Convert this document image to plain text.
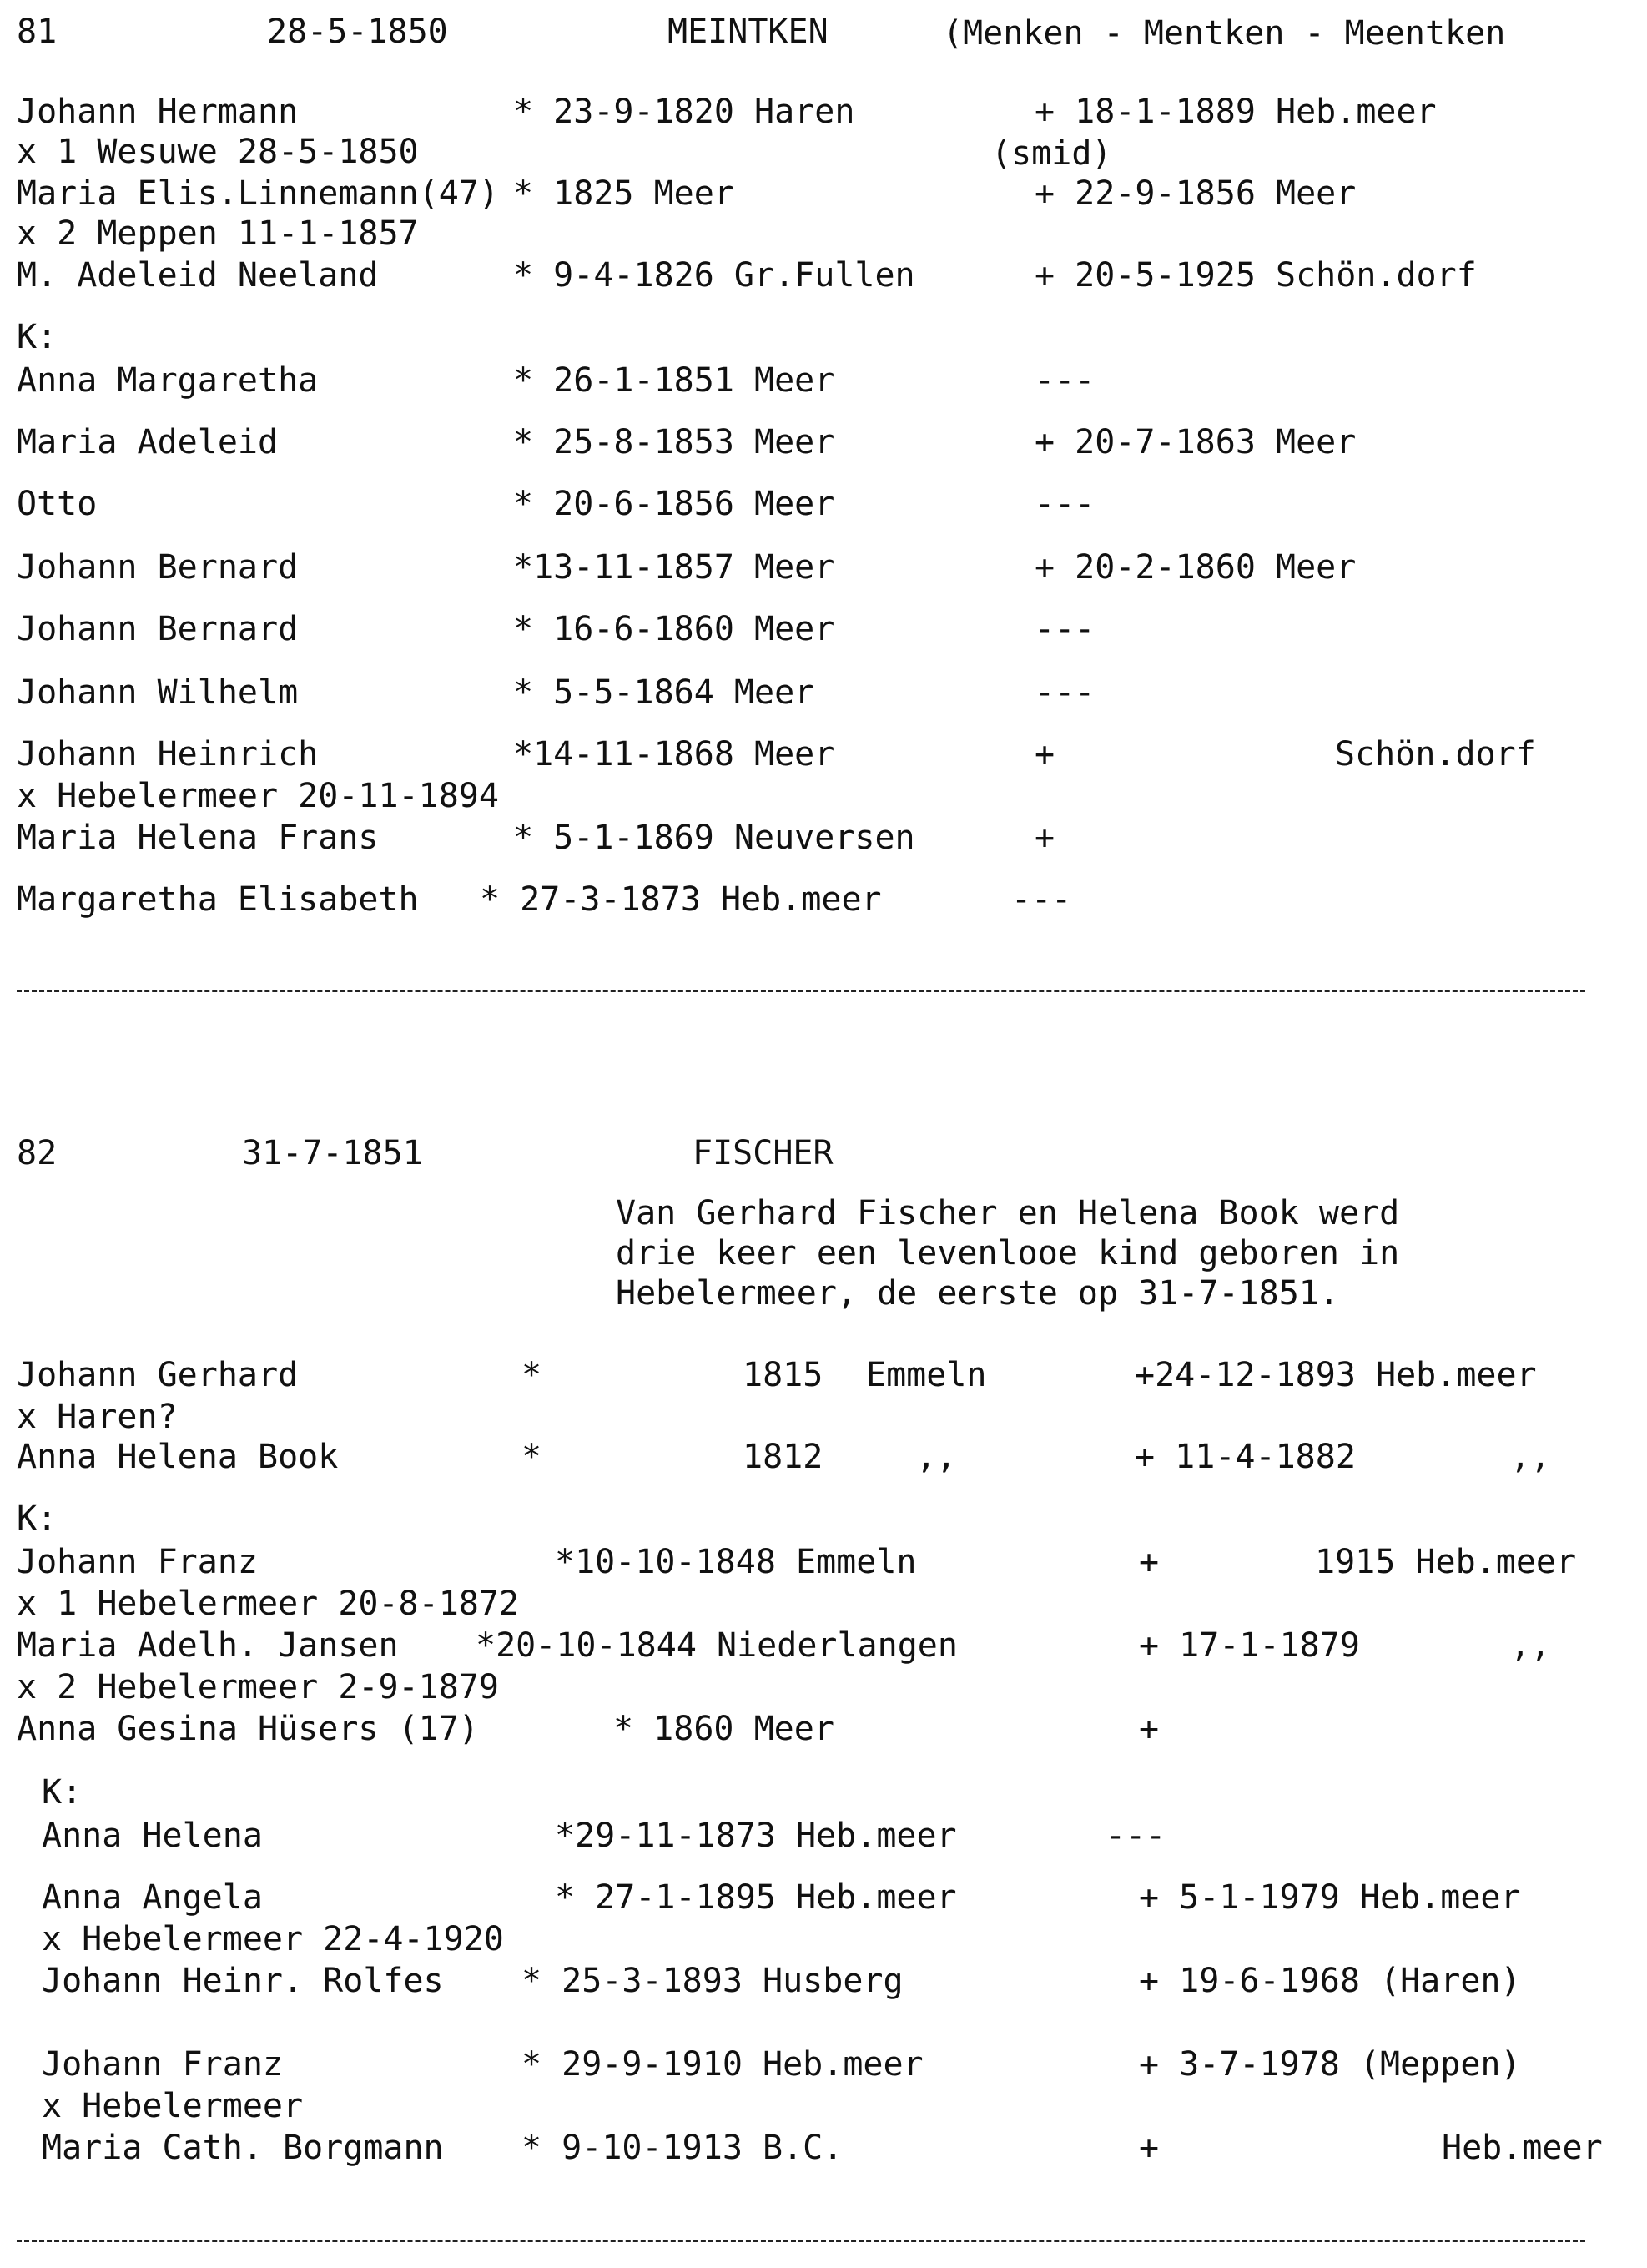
81	28-5-1850	MEINTKEN	(Menken - Mentken - Meentken
Johann Hermann	* 23-9-1820 Haren	+ 18-1-1889 Heb.meer
x 1 Wesuwe 28-5-1850	(smid)
Maria Elis.Linnemann(47) * 1825 Meer	+ 22-9-1856 Meer
x 2 Meppen 11-1-1857
M. Adeleid Neeland	* 9-4-1826 Gr.Fullen	+ 20-5-1925 Schön.dorf
K:
Anna Margaretha	* 26-1-1851 Meer	---
Maria Adeleid	* 25-8-1853 Meer	+ 20-7-1863 Meer
Otto	* 20-6-1856 Meer	---
Johann Bernard	*13-11-1857 Meer	+ 20-2-1860 Meer
Johann Bernard	* 16-6-1860 Meer	---
Johann Wilhelm	* 5-5-1864 Meer	---
Johann Heinrich	*14-11-1868 Meer	+	Schön.dorf
x Hebelermeer 20-11-1894
Maria Helena Frans	* 5-1-1869 Neuversen	+
Margaretha Elisabeth * 27-3-1873 Heb.meer	---
82	31-7-1851	FISCHER
Van Gerhard Fischer en Helena Book werd
drie keer een levenlooe kind geboren in
Hebelermeer, de eerste op 31-7-1851.
Johann Gerhard	*	1815 Emmeln	+24-12-1893 Heb.meer
x Haren?
Anna Helena Book	*	1812	,,	+ 11-4-1882	,,
K:
Johann Franz	*10-10-1848 Emmeln	+	1915 Heb.meer
x 1 Hebelermeer 20-8-1872
Maria Adelh. Jansen *20-10-1844 Niederlangen	+ 17-1-1879	,,
x 2 Hebelermeer 2-9-1879
Anna Gesina Hüsers (17)	* 1860 Meer	+
K:
Anna Helena	*29-11-1873 Heb.meer	---
Anna Angela	* 27-1-1895 Heb.meer	+ 5-1-1979 Heb.meer
x Hebelermeer 22-4-1920
Johann Heinr. Rolfes * 25-3-1893 Husberg	+ 19-6-1968 (Haren)
Johann Franz	* 29-9-1910 Heb.meer	+ 3-7-1978 (Meppen)
x Hebelermeer
Maria Cath. Borgmann * 9-10-1913 B.C.	+	Heb.meer
